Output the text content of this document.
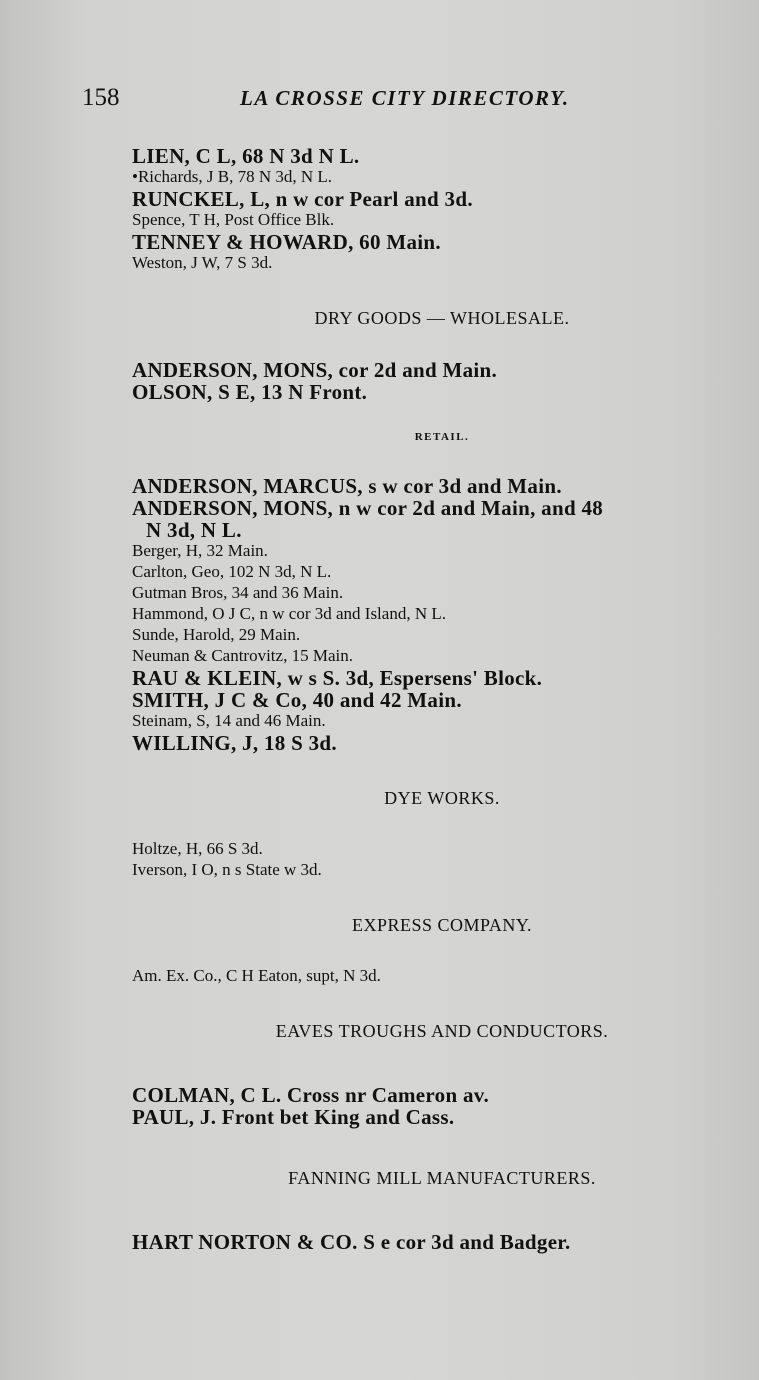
158	LA CROSSE CITY DIRECTORY.
LIEN, C L, 68 N 3d N L.
•Richards, J B, 78 N 3d, N L.
RUNCKEL, L, n w cor Pearl and 3d.
Spence, T H, Post Office Blk.
TENNEY & HOWARD, 60 Main.
Weston, J W, 7 S 3d.
DRY GOODS — WHOLESALE.
ANDERSON, MONS, cor 2d and Main.
OLSON, S E, 13 N Front.
RETAIL.
ANDERSON, MARCUS, s w cor 3d and Main.
ANDERSON, MONS, n w cor 2d and Main, and 48
N 3d, N L.
Berger, H, 32 Main.
Carlton, Geo, 102 N 3d, N L.
Gutman Bros, 34 and 36 Main.
Hammond, O J C, n w cor 3d and Island, N L.
Sunde, Harold, 29 Main.
Neuman & Cantrovitz, 15 Main.
RAU & KLEIN, w s S. 3d, Espersens' Block.
SMITH, J C & Co, 40 and 42 Main.
Steinam, S, 14 and 46 Main.
WILLING, J, 18 S 3d.
DYE WORKS.
Holtze, H, 66 S 3d.
Iverson, I O, n s State w 3d.
EXPRESS COMPANY.
Am. Ex. Co., C H Eaton, supt, N 3d.
EAVES TROUGHS AND CONDUCTORS.
COLMAN, C L. Cross nr Cameron av.
PAUL, J. Front bet King and Cass.
FANNING MILL MANUFACTURERS.
HART NORTON & CO. S e cor 3d and Badger.
